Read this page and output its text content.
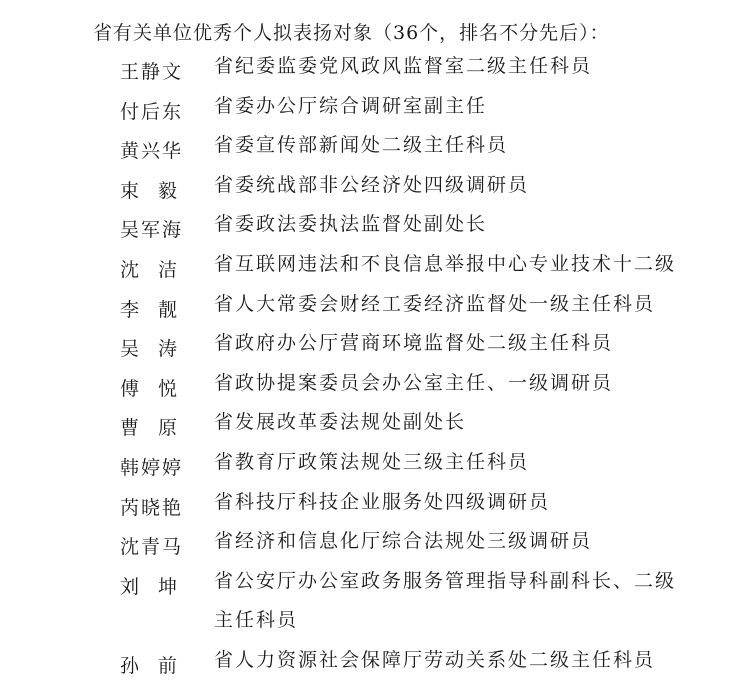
省有关单位优秀个人拟表扬对象（36个，排名不分先后）：
王静文	省纪委监委党风政风监督室二级主任科员
付后东	省委办公厅综合调研室副主任
黄兴华	省委宣传部新闻处二级主任科员
束毅 省委统战部非公经济处四级调研员
吴军海	省委政法委执法监督处副处长
沈洁 省互联网违法和不良信息举报中心专业技术十二级
李靓 省人大常委会财经工委经济监督处一级主任科员
吴涛 省政府办公厅营商环境监督处二级主任科员
傅悦 省政协提案委员会办公室主任、一级调研员
曹原 省发展改革委法规处副处长
韩婷婷	省教育厅政策法规处三级主任科员
芮晓艳	省科技厅科技企业服务处四级调研员
沈青马	省经济和信息化厅综合法规处三级调研员
刘坤 省公安厅办公室政务服务管理指导科副科长、二级主任科员
孙前 省人力资源社会保障厅劳动关系处二级主任科员
